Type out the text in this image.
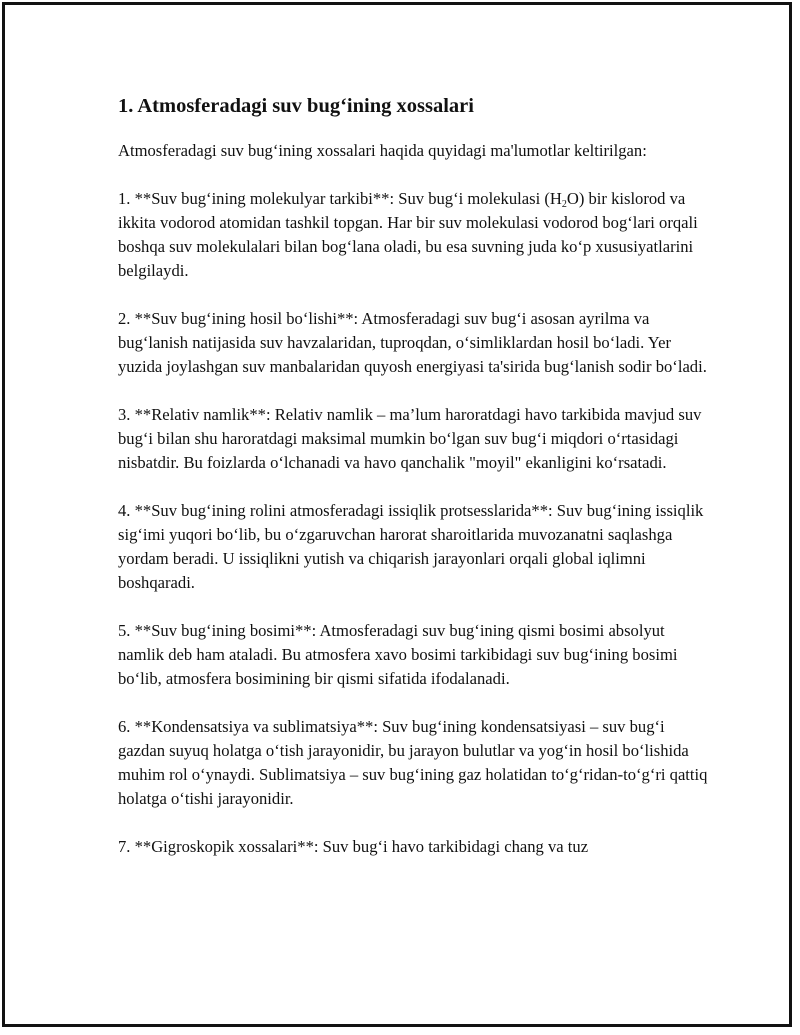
1. Atmosferadagi suv bug‘ining xossalari

Atmosferadagi suv bug‘ining xossalari haqida quyidagi ma'lumotlar keltirilgan:

1. **Suv bug‘ining molekulyar tarkibi**: Suv bug‘i molekulasi $(H_2O)$ bir kislorod va ikkita vodorod atomidan tashkil topgan. Har bir suv molekulasi vodorod bog‘lari orqali boshqa suv molekulalari bilan bog‘lana oladi, bu esa suvning juda ko‘p xususiyatlarini belgilaydi.

2. **Suv bug‘ining hosil bo‘lishi**: Atmosferadagi suv bug‘i asosan ayrilma va bug‘lanish natijasida suv havzalaridan, tuproqdan, o‘simliklardan hosil bo‘ladi. Yer yuzida joylashgan suv manbalaridan quyosh energiyasi ta'sirida bug‘lanish sodir bo‘ladi.

3. **Relativ namlik**: Relativ namlik – ma’lum haroratdagi havo tarkibida mavjud suv bug‘i bilan shu haroratdagi maksimal mumkin bo‘lgan suv bug‘i miqdori o‘rtasidagi nisbatdir. Bu foizlarda o‘lchanadi va havo qanchalik "moyil" ekanligini ko‘rsatadi.

4. **Suv bug‘ining rolini atmosferadagi issiqlik protsesslarida**: Suv bug‘ining issiqlik sig‘imi yuqori bo‘lib, bu o‘zgaruvchan harorat sharoitlarida muvozanatni saqlashga yordam beradi. U issiqlikni yutish va chiqarish jarayonlari orqali global iqlimni boshqaradi.

5. **Suv bug‘ining bosimi**: Atmosferadagi suv bug‘ining qismi bosimi absolyut namlik deb ham ataladi. Bu atmosfera xavo bosimi tarkibidagi suv bug‘ining bosimi bo‘lib, atmosfera bosimining bir qismi sifatida ifodalanadi.

6. **Kondensatsiya va sublimatsiya**: Suv bug‘ining kondensatsiyasi – suv bug‘i gazdan suyuq holatga o‘tish jarayonidir, bu jarayon bulutlar va yog‘in hosil bo‘lishida muhim rol o‘ynaydi. Sublimatsiya – suv bug‘ining gaz holatidan to‘g‘ridan-to‘g‘ri qattiq holatga o‘tishi jarayonidir.

7. **Gigroskopik xossalari**: Suv bug‘i havo tarkibidagi chang va tuz
